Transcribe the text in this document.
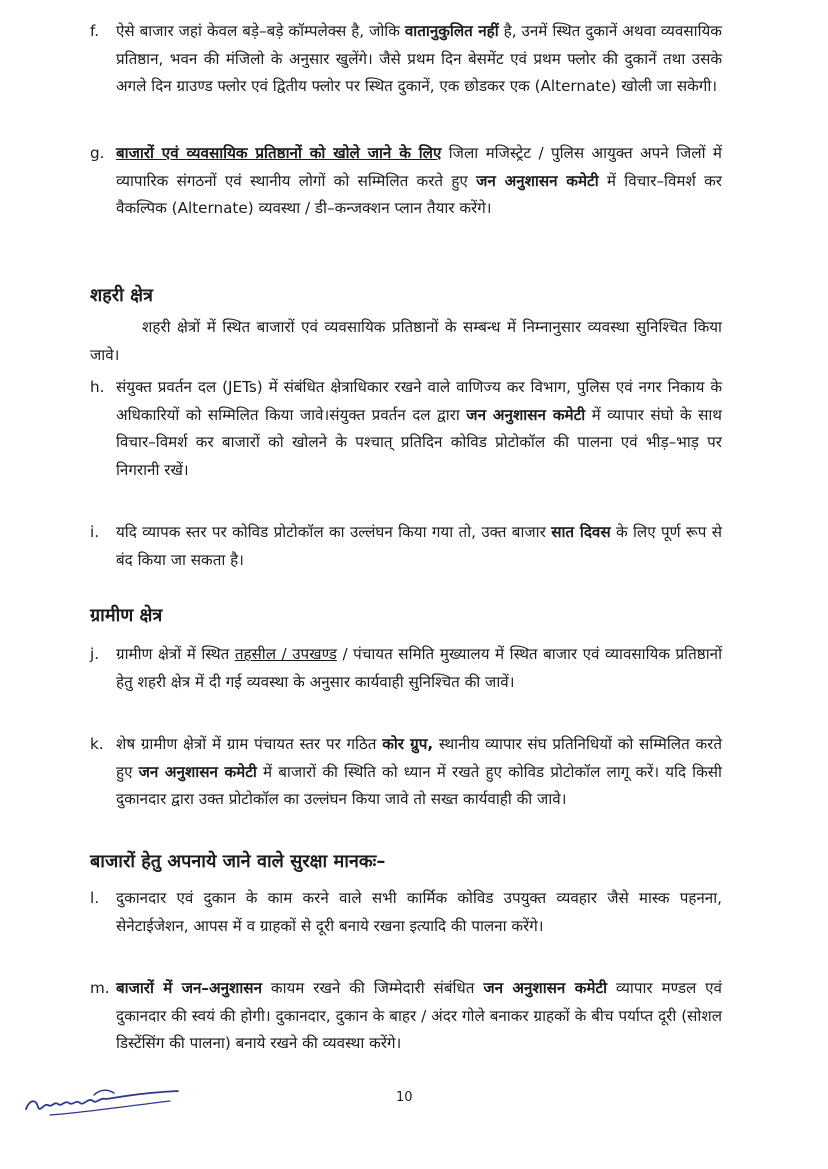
f.	ऐसे बाजार जहां केवल बड़े–बड़े कॉम्पलेक्स है, जोकि वातानुकुलित नहीं है, उनमें स्थित दुकानें अथवा व्यवसायिक प्रतिष्ठान, भवन की मंजिलो के अनुसार खुलेंगे। जैसे प्रथम दिन बेसमेंट एवं प्रथम फ्लोर की दुकानें तथा उसके अगले दिन ग्राउण्ड फ्लोर एवं द्वितीय फ्लोर पर स्थित दुकानें, एक छोडकर एक (Alternate) खोली जा सकेगी।
g. बाजारों एवं व्यवसायिक प्रतिष्ठानों को खोले जाने के लिए जिला मजिस्ट्रेट / पुलिस आयुक्त अपने जिलों में व्यापारिक संगठनों एवं स्थानीय लोगों को सम्मिलित करते हुए जन अनुशासन कमेटी में विचार–विमर्श कर वैकल्पिक (Alternate) व्यवस्था / डी–कन्जक्शन प्लान तैयार करेंगे।
शहरी क्षेत्र
शहरी क्षेत्रों में स्थित बाजारों एवं व्यवसायिक प्रतिष्ठानों के सम्बन्ध में निम्नानुसार व्यवस्था सुनिश्चित किया जावे।
h. संयुक्त प्रवर्तन दल (JETs) में संबंधित क्षेत्राधिकार रखने वाले वाणिज्य कर विभाग, पुलिस एवं नगर निकाय के अधिकारियों को सम्मिलित किया जावे।संयुक्त प्रवर्तन दल द्वारा जन अनुशासन कमेटी में व्यापार संघो के साथ विचार–विमर्श कर बाजारों को खोलने के पश्चात् प्रतिदिन कोविड प्रोटोकॉल की पालना एवं भीड़–भाड़ पर निगरानी रखें।
i.	यदि व्यापक स्तर पर कोविड प्रोटोकॉल का उल्लंघन किया गया तो, उक्त बाजार सात दिवस के लिए पूर्ण रूप से बंद किया जा सकता है।
ग्रामीण क्षेत्र
j.	ग्रामीण क्षेत्रों में स्थित तहसील / उपखण्ड / पंचायत समिति मुख्यालय में स्थित बाजार एवं व्यावसायिक प्रतिष्ठानों हेतु शहरी क्षेत्र में दी गई व्यवस्था के अनुसार कार्यवाही सुनिश्चित की जावें।
k. शेष ग्रामीण क्षेत्रों में ग्राम पंचायत स्तर पर गठित कोर ग्रुप, स्थानीय व्यापार संघ प्रतिनिधियों को सम्मिलित करते हुए जन अनुशासन कमेटी में बाजारों की स्थिति को ध्यान में रखते हुए कोविड प्रोटोकॉल लागू करें। यदि किसी दुकानदार द्वारा उक्त प्रोटोकॉल का उल्लंघन किया जावे तो सख्त कार्यवाही की जावे।
बाजारों हेतु अपनाये जाने वाले सुरक्षा मानकः–
l.	दुकानदार एवं दुकान के काम करने वाले सभी कार्मिक कोविड उपयुक्त व्यवहार जैसे मास्क पहनना, सेनेटाईजेशन, आपस में व ग्राहकों से दूरी बनाये रखना इत्यादि की पालना करेंगे।
m. बाजारों में जन–अनुशासन कायम रखने की जिम्मेदारी संबंधित जन अनुशासन कमेटी व्यापार मण्डल एवं दुकानदार की स्वयं की होगी। दुकानदार, दुकान के बाहर / अंदर गोले बनाकर ग्राहकों के बीच पर्याप्त दूरी (सोशल डिस्टेंसिंग की पालना) बनाये रखने की व्यवस्था करेंगे।
10
